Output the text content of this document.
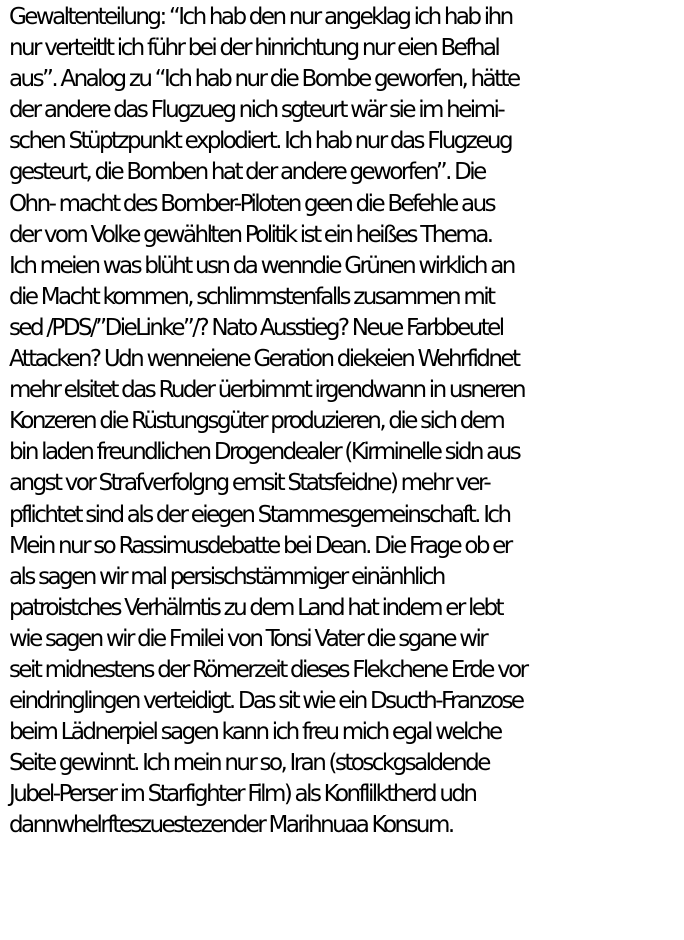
Gewaltenteilung: “Ich hab den nur angeklag ich hab ihn
nur verteitlt ich führ bei der hinrichtung nur eien Befhal
aus”. Analog zu “Ich hab nur die Bombe geworfen, hätte
der andere das Flugzueg nich sgteurt wär sie im heimi-
schen Stüptzpunkt explodiert. Ich hab nur das Flugzeug
gesteurt, die Bomben hat der andere geworfen”. Die
Ohn- macht des Bomber-Piloten geen die Befehle aus
der vom Volke gewählten Politik ist ein heißes Thema.
Ich meien was blüht usn da wenndie Grünen wirklich an
die Macht kommen, schlimmstenfalls zusammen mit
sed /PDS/”DieLinke”/? Nato Ausstieg? Neue Farbbeutel
Attacken? Udn wenneiene Geration diekeien Wehrfidnet
mehr elsitet das Ruder üerbimmt irgendwann in usneren
Konzeren die Rüstungsgüter produzieren, die sich dem
bin laden freundlichen Drogendealer (Kirminelle sidn aus
angst vor Strafverfolgng emsit Statsfeidne) mehr ver-
pflichtet sind als der eiegen Stammesgemeinschaft. Ich
Mein nur so Rassimusdebatte bei Dean. Die Frage ob er
als sagen wir mal persischstämmiger einänhlich
patroistches Verhälrntis zu dem Land hat indem er lebt
wie sagen wir die Fmilei von Tonsi Vater die sgane wir
seit midnestens der Römerzeit dieses Flekchene Erde vor
eindringlingen verteidigt. Das sit wie ein Dsucth-Franzose
beim Lädnerpiel sagen kann ich freu mich egal welche
Seite gewinnt. Ich mein nur so, Iran (stosckgsaldende
Jubel-Perser im Starfighter Film) als Konflilktherd udn
dannwhelrfteszuestezender Marihnuaa Konsum.
